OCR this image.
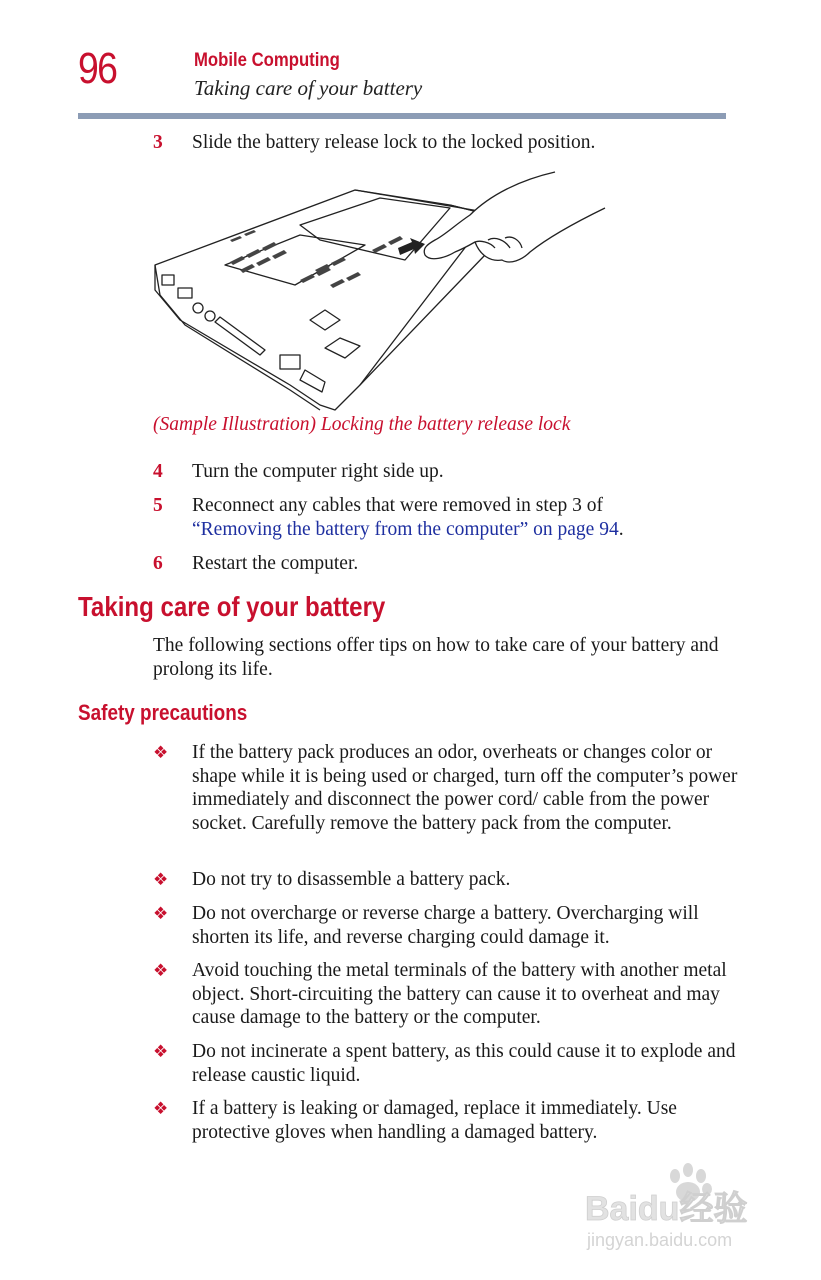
96	Mobile Computing
Taking care of your battery
3	Slide the battery release lock to the locked position.
(Sample Illustration) Locking the battery release lock
4	Turn the computer right side up.
5	Reconnect any cables that were removed in step 3 of
“Removing the battery from the computer” on page 94.
6	Restart the computer.
Taking care of your battery
The following sections offer tips on how to take care of your battery and prolong its life.
Safety precautions
❖ If the battery pack produces an odor, overheats or changes color or shape while it is being used or charged, turn off the computer’s power immediately and disconnect the power cord/ cable from the power socket. Carefully remove the battery pack from the computer.
❖ Do not try to disassemble a battery pack.
❖ Do not overcharge or reverse charge a battery. Overcharging will shorten its life, and reverse charging could damage it.
❖ Avoid touching the metal terminals of the battery with another metal object. Short-circuiting the battery can cause it to overheat and may cause damage to the battery or the computer.
❖ Do not incinerate a spent battery, as this could cause it to explode and release caustic liquid.
❖ If a battery is leaking or damaged, replace it immediately. Use protective gloves when handling a damaged battery.
Baidu经验
jingyan.baidu.com
